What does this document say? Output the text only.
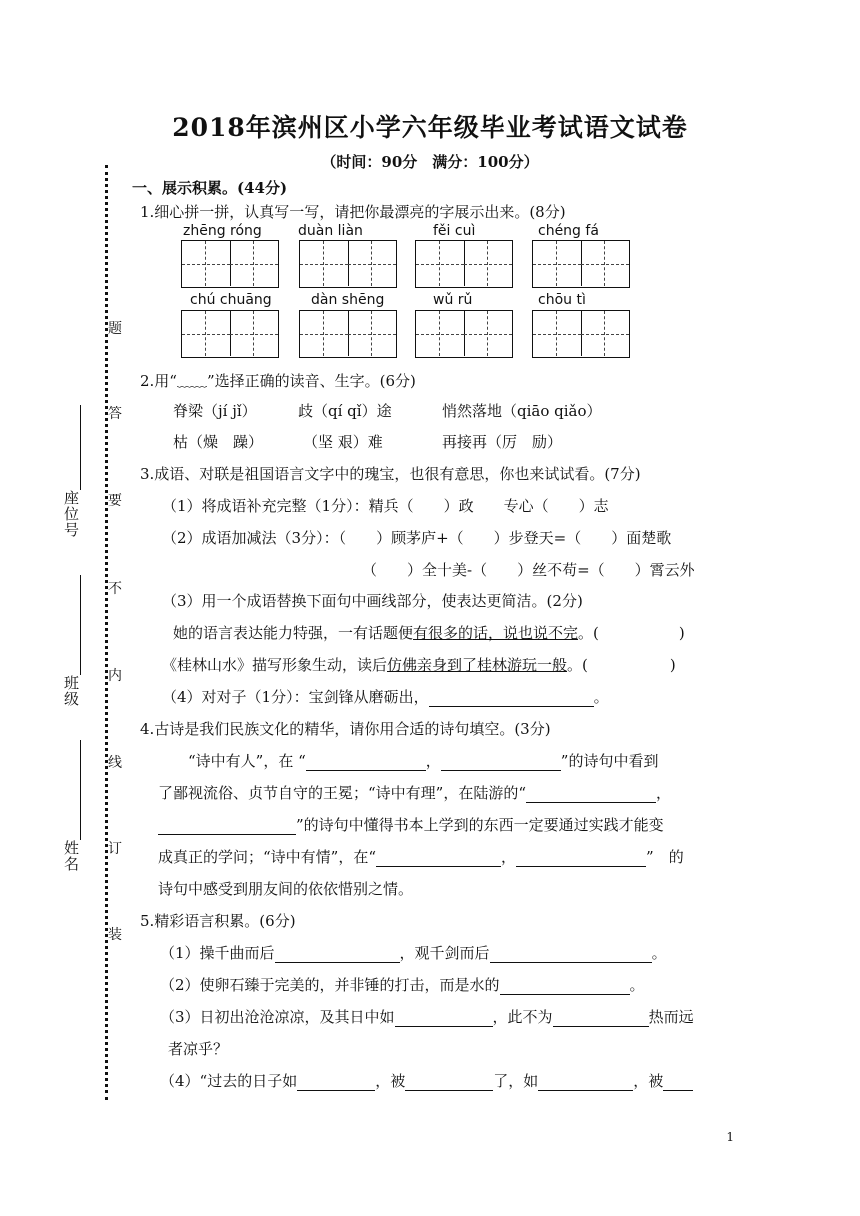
2018年滨州区小学六年级毕业考试语文试卷
（时间：90分　满分：100分）
题
答
要
不
内
线
订
装
座位号
班级
姓名
一、展示积累。(44分)
1.细心拼一拼，认真写一写，请把你最漂亮的字展示出来。(8分)
zhēng róng	duàn liàn	fěi cuì	chéng fá
chú chuāng	dàn shēng	wǔ rǔ	chōu tì
2.用“﹏﹏”选择正确的读音、生字。(6分)
脊梁（jí jǐ）	歧（qí qǐ）途	悄然落地（qiāo qiǎo）
枯（燥　躁）	（坚 艰）难	再接再（厉　励）
3.成语、对联是祖国语言文字中的瑰宝，也很有意思，你也来试试看。(7分)
（1）将成语补充完整（1分）：精兵（　　）政　　专心（　　）志
（2）成语加减法（3分）：（　　）顾茅庐+（　　）步登天=（　　）面楚歌
（　　）全十美-（　　）丝不苟=（　　）霄云外
（3）用一个成语替换下面句中画线部分，使表达更简洁。(2分)
她的语言表达能力特强，一有话题便有很多的话，说也说不完。(	)
《桂林山水》描写形象生动，读后仿佛亲身到了桂林游玩一般。(	)
（4）对对子（1分）：宝剑锋从磨砺出，	。
4.古诗是我们民族文化的精华，请你用合适的诗句填空。(3分)
“诗中有人”，在 “	，	”的诗句中看到
了鄙视流俗、贞节自守的王冕；“诗中有理”，在陆游的“	，
”的诗句中懂得书本上学到的东西一定要通过实践才能变
成真正的学问；“诗中有情”，在“	，	”　的
诗句中感受到朋友间的依依惜别之情。
5.精彩语言积累。(6分)
（1）操千曲而后	，观千剑而后	。
（2）使卵石臻于完美的，并非锤的打击，而是水的	。
（3）日初出沧沧凉凉，及其日中如	，此不为	热而远
者凉乎？
（4）“过去的日子如	，被	了，如	，被
1
